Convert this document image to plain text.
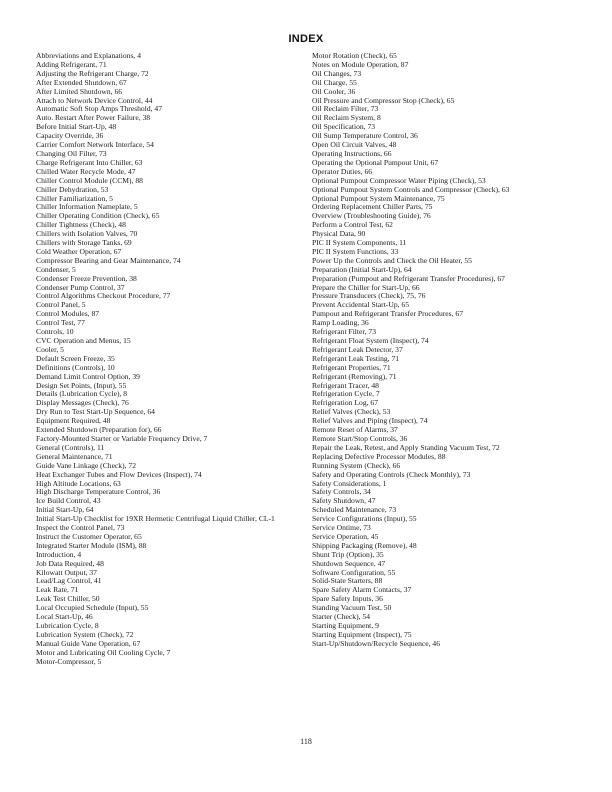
INDEX

Abbreviations and Explanations, 4

Adding Refrigerant, 71

Adjusting the Refrigerant Charge, 72

After Extended Shutdown, 67

After Limited Shutdown, 66

Attach to Network Device Control, 44

Automatic Soft Stop Amps Threshold, 47

Auto. Restart After Power Failure, 38

Before Initial Start-Up, 48

Capacity Override, 36

Carrier Comfort Network Interface, 54

Changing Oil Filter, 73

Charge Refrigerant Into Chiller, 63

Chilled Water Recycle Mode, 47

Chiller Control Module (CCM), 88

Chiller Dehydration, 53

Chiller Familiarization, 5

Chiller Information Nameplate, 5

Chiller Operating Condition (Check), 65

Chiller Tightness (Check), 48

Chillers with Isolation Valves, 70

Chillers with Storage Tanks, 69

Cold Weather Operation, 67

Compressor Bearing and Gear Maintenance, 74

Condenser, 5

Condenser Freeze Prevention, 38

Condenser Pump Control, 37

Control Algorithms Checkout Procedure, 77

Control Panel, 5

Control Modules, 87

Control Test, 77

Controls, 10

CVC Operation and Menus, 15

Cooler, 5

Default Screen Freeze, 35

Definitions (Controls), 10

Demand Limit Control Option, 39

Design Set Points, (Input), 55

Details (Lubrication Cycle), 8

Display Messages (Check), 76

Dry Run to Test Start-Up Sequence, 64

Equipment Required, 48

Extended Shutdown (Preparation for), 66

Factory-Mounted Starter or Variable Frequency Drive, 7

General (Controls), 11

General Maintenance, 71

Guide Vane Linkage (Check), 72

Heat Exchanger Tubes and Flow Devices (Inspect), 74

High Altitude Locations, 63

High Discharge Temperature Control, 36

Ice Build Control, 43

Initial Start-Up, 64

Initial Start-Up Checklist for 19XR Hermetic Centrifugal Liquid Chiller, CL-1

Inspect the Control Panel, 73

Instruct the Customer Operator, 65

Integrated Starter Module (ISM), 88

Introduction, 4

Job Data Required, 48

Kilowatt Output, 37

Lead/Lag Control, 41

Leak Rate, 71

Leak Test Chiller, 50

Local Occupied Schedule (Input), 55

Local Start-Up, 46

Lubrication Cycle, 8

Lubrication System (Check), 72

Manual Guide Vane Operation, 67

Motor and Lubricating Oil Cooling Cycle, 7

Motor-Compressor, 5

Motor Rotation (Check), 65

Notes on Module Operation, 87

Oil Changes, 73

Oil Charge, 55

Oil Cooler, 36

Oil Pressure and Compressor Stop (Check), 65

Oil Reclaim Filter, 73

Oil Reclaim System, 8

Oil Specification, 73

Oil Sump Temperature Control, 36

Open Oil Circuit Valves, 48

Operating Instructions, 66

Operating the Optional Pumpout Unit, 67

Operator Duties, 66

Optional Pumpout Compressor Water Piping (Check), 53

Optional Pumpout System Controls and Compressor (Check), 63

Optional Pumpout System Maintenance, 75

Ordering Replacement Chiller Parts, 75

Overview (Troubleshooting Guide), 76

Perform a Control Test, 62

Physical Data, 90

PIC II System Components, 11

PIC II System Functions, 33

Power Up the Controls and Check the Oil Heater, 55

Preparation (Initial Start-Up), 64

Preparation (Pumpout and Refrigerant Transfer Procedures), 67

Prepare the Chiller for Start-Up, 66

Pressure Transducers (Check), 75, 76

Prevent Accidental Start-Up, 65

Pumpout and Refrigerant Transfer Procedures, 67

Ramp Loading, 36

Refrigerant Filter, 73

Refrigerant Float System (Inspect), 74

Refrigerant Leak Detector, 37

Refrigerant Leak Testing, 71

Refrigerant Properties, 71

Refrigerant (Removing), 71

Refrigerant Tracer, 48

Refrigeration Cycle, 7

Refrigeration Log, 67

Relief Valves (Check), 53

Relief Valves and Piping (Inspect), 74

Remote Reset of Alarms, 37

Remote Start/Stop Controls, 36

Repair the Leak, Retest, and Apply Standing Vacuum Test, 72

Replacing Defective Processor Modules, 88

Running System (Check), 66

Safety and Operating Controls (Check Monthly), 73

Safety Considerations, 1

Safety Controls, 34

Safety Shutdown, 47

Scheduled Maintenance, 73

Service Configurations (Input), 55

Service Ontime, 73

Service Operation, 45

Shipping Packaging (Remove), 48

Shunt Trip (Option), 35

Shutdown Sequence, 47

Software Configuration, 55

Solid-State Starters, 88

Spare Safety Alarm Contacts, 37

Spare Safety Inputs, 36

Standing Vacuum Test, 50

Starter (Check), 54

Starting Equipment, 9

Starting Equipment (Inspect), 75

Start-Up/Shutdown/Recycle Sequence, 46

118
